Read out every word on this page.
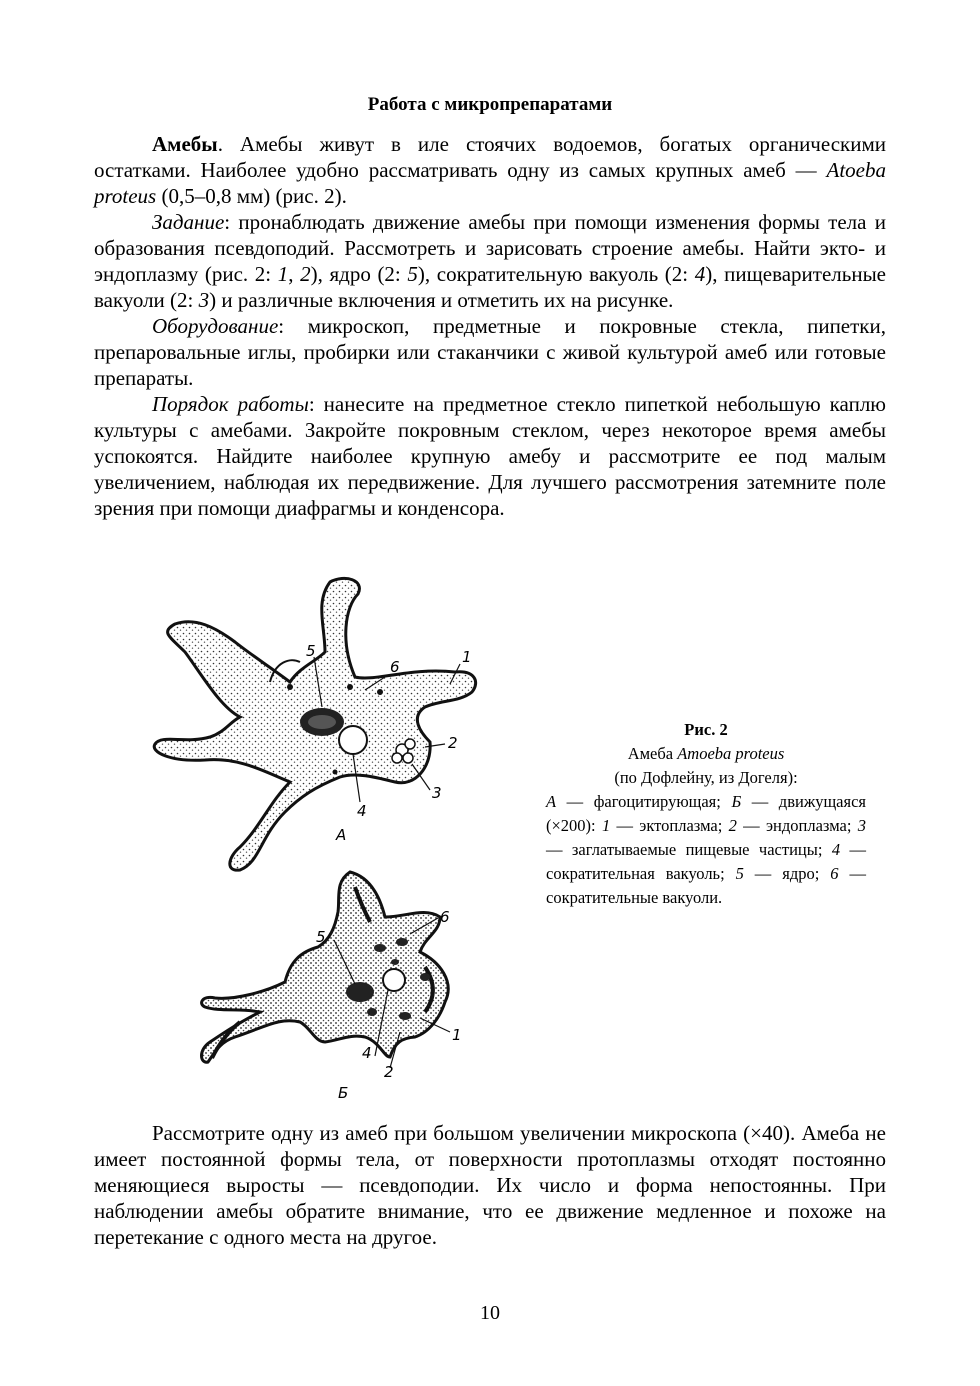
Работа с микропрепаратами

Амебы. Амебы живут в иле стоячих водоемов, богатых органическими остатками. Наиболее удобно рассматривать одну из самых крупных амеб — Atoeba proteus (0,5–0,8 мм) (рис. 2).

Задание: пронаблюдать движение амебы при помощи изменения формы тела и образования псевдоподий. Рассмотреть и зарисовать строение амебы. Найти экто- и эндоплазму (рис. 2: 1, 2), ядро (2: 5), сократительную вакуоль (2: 4), пищеварительные вакуоли (2: 3) и различные включения и отметить их на рисунке.

Оборудование: микроскоп, предметные и покровные стекла, пипетки, препаровальные иглы, пробирки или стаканчики с живой культурой амеб или готовые препараты.

Порядок работы: нанесите на предметное стекло пипеткой небольшую каплю культуры с амебами. Закройте покровным стеклом, через некоторое время амебы успокоятся. Найдите наиболее крупную амебу и рассмотрите ее под малым увеличением, наблюдая их передвижение. Для лучшего рассмотрения затемните поле зрения при помощи диафрагмы и конденсора.

5
6
1
2
3
4
А
5
6
4
1
2
Б
Рис. 2
Амеба Amoeba proteus
(по Дофлейну, из Догеля):
А — фагоцитирующая; Б — движущаяся (×200): 1 — эктоплазма; 2 — эндоплазма; 3 — заглатываемые пищевые частицы; 4 — сократительная вакуоль; 5 — ядро; 6 — сократительные вакуоли.

Рассмотрите одну из амеб при большом увеличении микроскопа (×40). Амеба не имеет постоянной формы тела, от поверхности протоплазмы отходят постоянно меняющиеся выросты — псевдоподии. Их число и форма непостоянны. При наблюдении амебы обратите внимание, что ее движение медленное и похоже на перетекание с одного места на другое.

10
